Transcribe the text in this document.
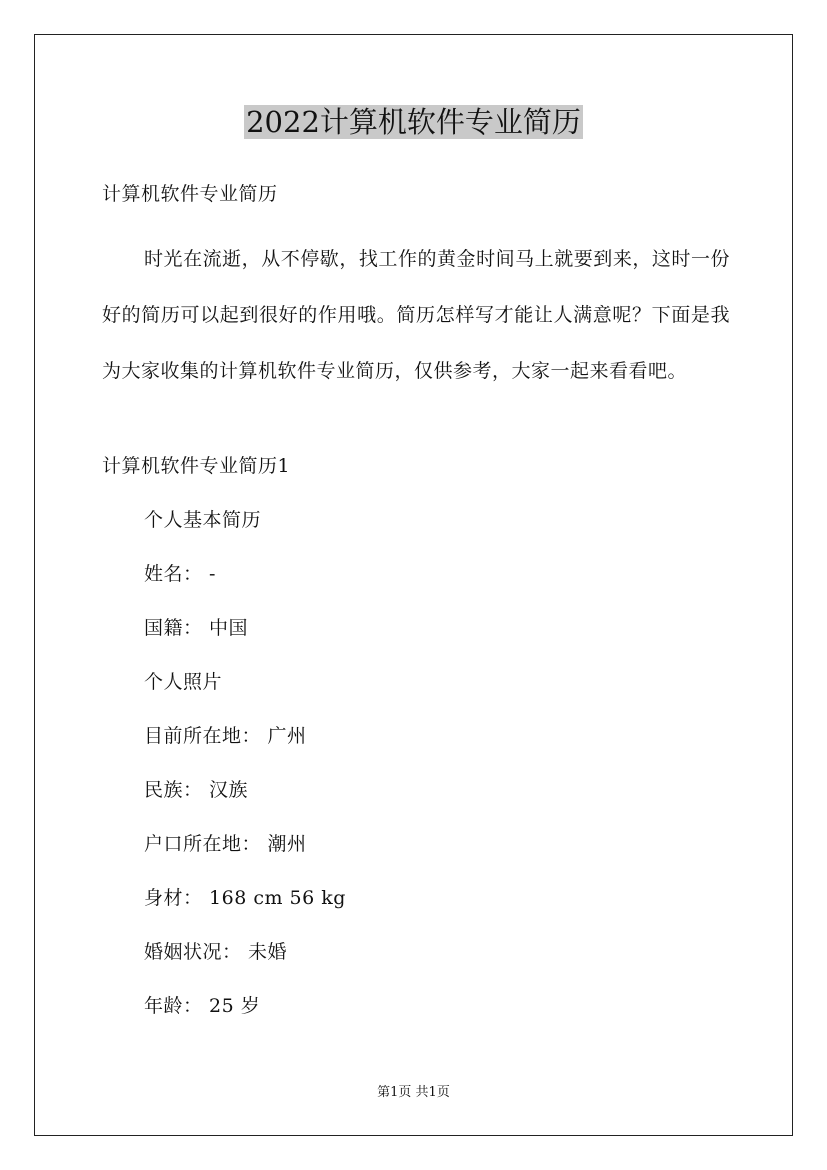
2022计算机软件专业简历
计算机软件专业简历
时光在流逝，从不停歇，找工作的黄金时间马上就要到来，这时一份好的简历可以起到很好的作用哦。简历怎样写才能让人满意呢？下面是我为大家收集的计算机软件专业简历，仅供参考，大家一起来看看吧。
计算机软件专业简历1
个人基本简历
姓名： -
国籍： 中国
个人照片
目前所在地： 广州
民族： 汉族
户口所在地： 潮州
身材： 168 cm 56 kg
婚姻状况： 未婚
年龄： 25 岁
第1页 共1页
